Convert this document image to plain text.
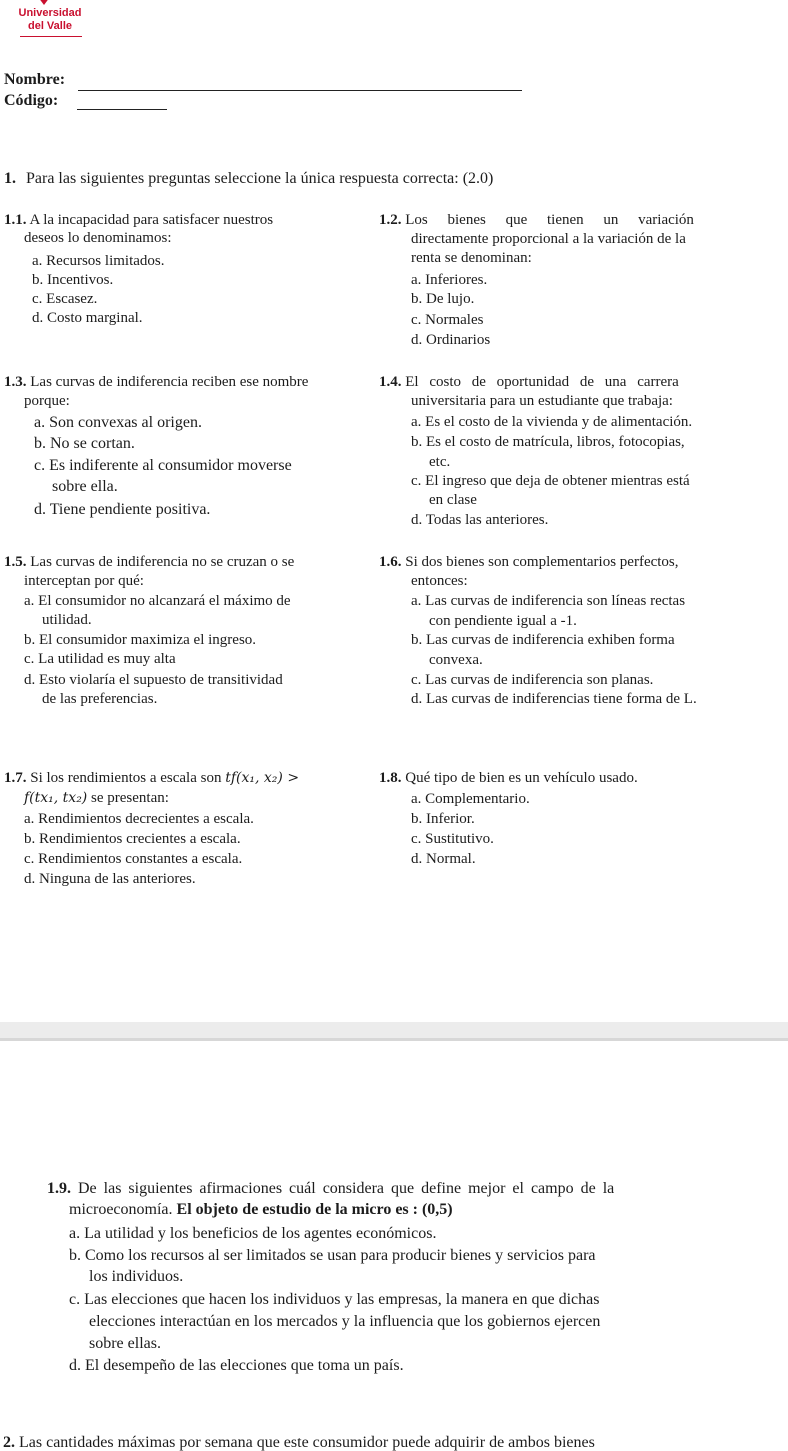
Universidad
del Valle
Nombre:
Código:
1. Para las siguientes preguntas seleccione la única respuesta correcta: (2.0)
1.1. A la incapacidad para satisfacer nuestros
deseos lo denominamos:
a. Recursos limitados.
b. Incentivos.
c. Escasez.
d. Costo marginal.
1.2. Los bienes que tienen un variación
directamente proporcional a la variación de la
renta se denominan:
a. Inferiores.
b. De lujo.
c. Normales
d. Ordinarios
1.3. Las curvas de indiferencia reciben ese nombre
porque:
a. Son convexas al origen.
b. No se cortan.
c. Es indiferente al consumidor moverse
sobre ella.
d. Tiene pendiente positiva.
1.4. El costo de oportunidad de una carrera
universitaria para un estudiante que trabaja:
a. Es el costo de la vivienda y de alimentación.
b. Es el costo de matrícula, libros, fotocopias,
etc.
c. El ingreso que deja de obtener mientras está
en clase
d. Todas las anteriores.
1.5. Las curvas de indiferencia no se cruzan o se
interceptan por qué:
a. El consumidor no alcanzará el máximo de
utilidad.
b. El consumidor maximiza el ingreso.
c. La utilidad es muy alta
d. Esto violaría el supuesto de transitividad
de las preferencias.
1.6. Si dos bienes son complementarios perfectos,
entonces:
a. Las curvas de indiferencia son líneas rectas
con pendiente igual a -1.
b. Las curvas de indiferencia exhiben forma
convexa.
c. Las curvas de indiferencia son planas.
d. Las curvas de indiferencias tiene forma de L.
1.7. Si los rendimientos a escala son tf(x₁, x₂) >
f(tx₁, tx₂) se presentan:
a. Rendimientos decrecientes a escala.
b. Rendimientos crecientes a escala.
c. Rendimientos constantes a escala.
d. Ninguna de las anteriores.
1.8. Qué tipo de bien es un vehículo usado.
a. Complementario.
b. Inferior.
c. Sustitutivo.
d. Normal.
1.9. De las siguientes afirmaciones cuál considera que define mejor el campo de la
microeconomía. El objeto de estudio de la micro es : (0,5)
a. La utilidad y los beneficios de los agentes económicos.
b. Como los recursos al ser limitados se usan para producir bienes y servicios para
los individuos.
c. Las elecciones que hacen los individuos y las empresas, la manera en que dichas
elecciones interactúan en los mercados y la influencia que los gobiernos ejercen
sobre ellas.
d. El desempeño de las elecciones que toma un país.
2. Las cantidades máximas por semana que este consumidor puede adquirir de ambos bienes
